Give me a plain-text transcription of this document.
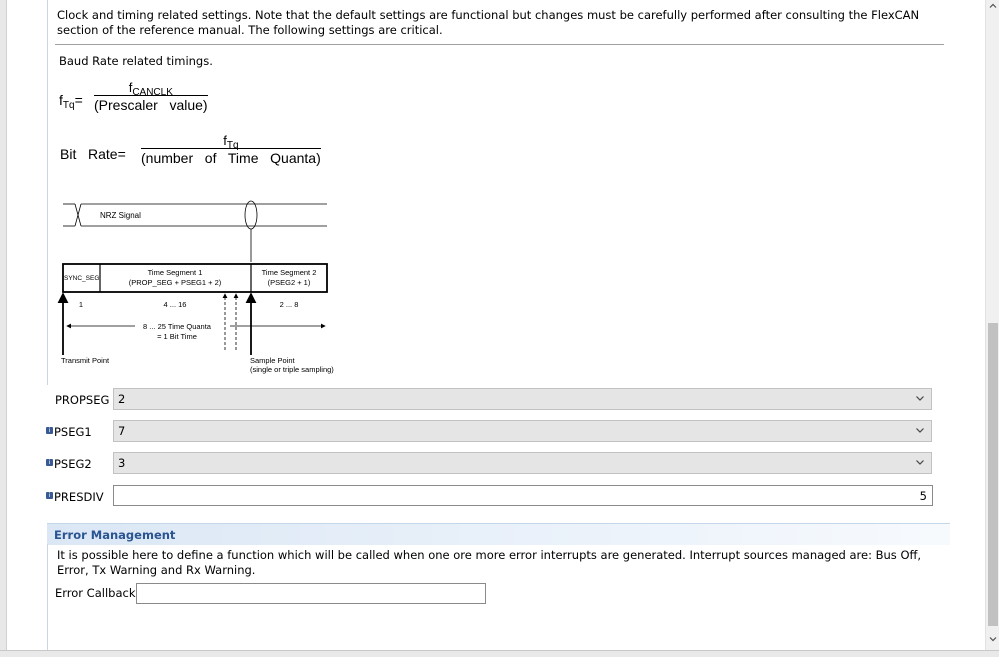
Clock and timing related settings. Note that the default settings are functional but changes must be carefully performed after consulting the FlexCAN section of the reference manual. The following settings are critical.
Baud Rate related timings.
$f_{Tq}=$
$f_{CANCLK}$
(Prescaler   value)
Bit   Rate=
$f_{Tq}$
(number   of   Time   Quanta)
NRZ Signal
SYNC_SEG
Time Segment 1
(PROP_SEG + PSEG1 + 2)
Time Segment 2
(PSEG2 + 1)
1	4 ... 16	2 ... 8
8 ... 25 Time Quanta
= 1 Bit Time
Transmit Point	Sample Point
(single or triple sampling)
PROPSEG 2
i PSEG1 7
i PSEG2 3
i PRESDIV	5
Error Management
It is possible here to define a function which will be called when one ore more error interrupts are generated. Interrupt sources managed are: Bus Off, Error, Tx Warning and Rx Warning.
Error Callback
